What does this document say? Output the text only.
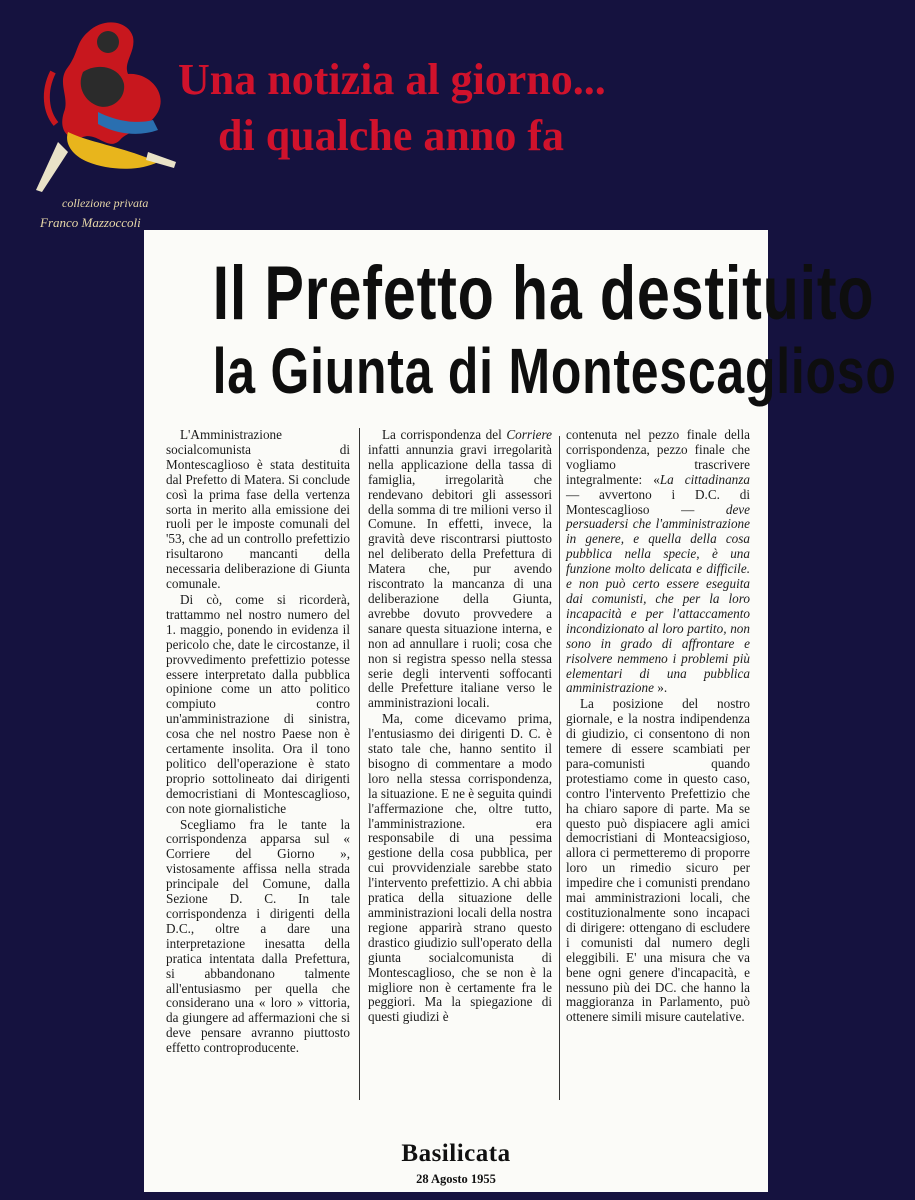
collezione privata
Franco Mazzoccoli
Una notizia al giorno...
di qualche anno fa
Il Prefetto ha destituito
la Giunta di Montescaglioso

L'Amministrazione socialcomunista di Montescaglioso è stata destituita dal Prefetto di Matera. Si conclude così la prima fase della vertenza sorta in merito alla emissione dei ruoli per le imposte comunali del '53, che ad un controllo prefettizio risultarono mancanti della necessaria deliberazione di Giunta comunale.

Di cò, come si ricorderà, trattammo nel nostro numero del 1. maggio, ponendo in evidenza il pericolo che, date le circostanze, il provvedimento prefettizio potesse essere interpretato dalla pubblica opinione come un atto politico compiuto contro un'amministrazione di sinistra, cosa che nel nostro Paese non è certamente insolita. Ora il tono politico dell'operazione è stato proprio sottolineato dai dirigenti democristiani di Montescaglioso, con note giornalistiche

Scegliamo fra le tante la corrispondenza apparsa sul « Corriere del Giorno », vistosamente affissa nella strada principale del Comune, dalla Sezione D. C. In tale corrispondenza i dirigenti della D.C., oltre a dare una interpretazione inesatta della pratica intentata dalla Prefettura, si abbandonano talmente all'entusiasmo per quella che considerano una « loro » vittoria, da giungere ad affermazioni che si deve pensare avranno piuttosto effetto controproducente.

La corrispondenza del Corriere infatti annunzia gravi irregolarità nella applicazione della tassa di famiglia, irregolarità che rendevano debitori gli assessori della somma di tre milioni verso il Comune. In effetti, invece, la gravità deve riscontrarsi piuttosto nel deliberato della Prefettura di Matera che, pur avendo riscontrato la mancanza di una deliberazione della Giunta, avrebbe dovuto provvedere a sanare questa situazione interna, e non ad annullare i ruoli; cosa che non si registra spesso nella stessa serie degli interventi soffocanti delle Prefetture italiane verso le amministrazioni locali.

Ma, come dicevamo prima, l'entusiasmo dei dirigenti D. C. è stato tale che, hanno sentito il bisogno di commentare a modo loro nella stessa corrispondenza, la situazione. E ne è seguita quindi l'affermazione che, oltre tutto, l'amministrazione. era responsabile di una pessima gestione della cosa pubblica, per cui provvidenziale sarebbe stato l'intervento prefettizio. A chi abbia pratica della situazione delle amministrazioni locali della nostra regione apparirà strano questo drastico giudizio sull'operato della giunta socialcomunista di Montescaglioso, che se non è la migliore non è certamente fra le peggiori. Ma la spiegazione di questi giudizi è

contenuta nel pezzo finale della corrispondenza, pezzo finale che vogliamo trascrivere integralmente: «La cittadinanza — avvertono i D.C. di Montescaglioso — deve persuadersi che l'amministrazione in genere, e quella della cosa pubblica nella specie, è una funzione molto delicata e difficile. e non può certo essere eseguita dai comunisti, che per la loro incapacità e per l'attaccamento incondizionato al loro partito, non sono in grado di affrontare e risolvere nemmeno i problemi più elementari di una pubblica amministrazione ».

La posizione del nostro giornale, e la nostra indipendenza di giudizio, ci consentono di non temere di essere scambiati per para-comunisti quando protestiamo come in questo caso, contro l'intervento Prefettizio che ha chiaro sapore di parte. Ma se questo può dispiacere agli amici democristiani di Monteacsigioso, allora ci permetteremo di proporre loro un rimedio sicuro per impedire che i comunisti prendano mai amministrazioni locali, che costituzionalmente sono incapaci di dirigere: ottengano di escludere i comunisti dal numero degli eleggibili. E' una misura che va bene ogni genere d'incapacità, e nessuno più dei DC. che hanno la maggioranza in Parlamento, può ottenere simili misure cautelative.

Basilicata
28 Agosto 1955
